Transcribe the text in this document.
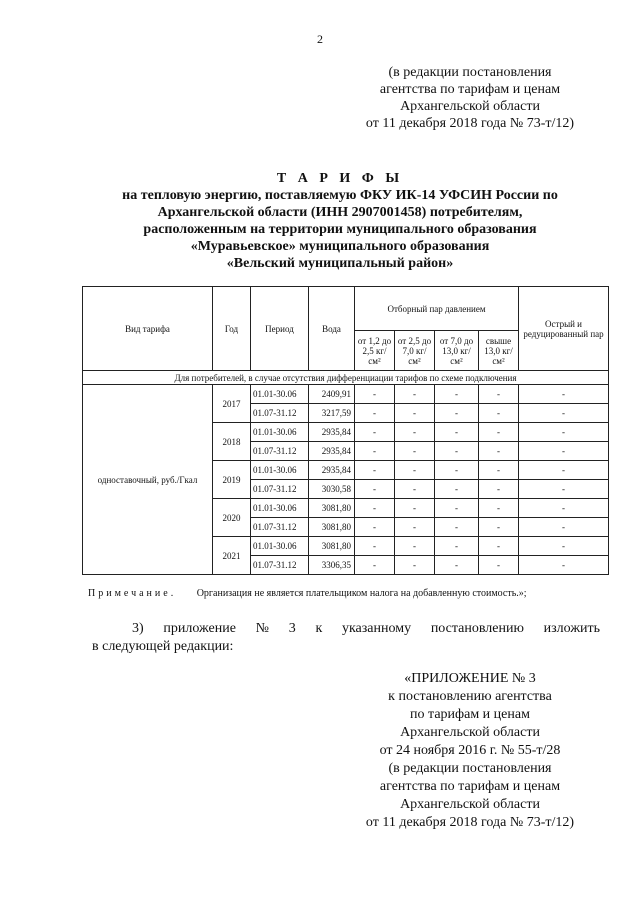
2
(в редакции постановления
агентства по тарифам и ценам
Архангельской области
от 11 декабря 2018 года № 73-т/12)
Т А Р И Ф Ы
на тепловую энергию, поставляемую ФКУ ИК-14 УФСИН России по
Архангельской области (ИНН 2907001458) потребителям,
расположенным на территории муниципального образования
«Муравьевское» муниципального образования
«Вельский муниципальный район»
Вид тарифа	Год	Период	Вода	Отборный пар давлением				Острый и редуцированный пар
				от 1,2 до 2,5 кг/см²	от 2,5 до 7,0 кг/см²	от 7,0 до 13,0 кг/см²	свыше 13,0 кг/см²	
Для потребителей, в случае отсутствия дифференциации тарифов по схеме подключения								
одноставочный, руб./Гкал	2017	01.01-30.06	2409,91	-	-	-	-	-
		01.07-31.12	3217,59	-	-	-	-	-
	2018	01.01-30.06	2935,84	-	-	-	-	-
		01.07-31.12	2935,84	-	-	-	-	-
	2019	01.01-30.06	2935,84	-	-	-	-	-
		01.07-31.12	3030,58	-	-	-	-	-
	2020	01.01-30.06	3081,80	-	-	-	-	-
		01.07-31.12	3081,80	-	-	-	-	-
	2021	01.01-30.06	3081,80	-	-	-	-	-
		01.07-31.12	3306,35	-	-	-	-	-
Примечание. Организация не является плательщиком налога на добавленную стоимость.»;
3) приложение № 3 к указанному постановлению изложить
в следующей редакции:
«ПРИЛОЖЕНИЕ № 3
к постановлению агентства
по тарифам и ценам
Архангельской области
от 24 ноября 2016 г. № 55-т/28
(в редакции постановления
агентства по тарифам и ценам
Архангельской области
от 11 декабря 2018 года № 73-т/12)
